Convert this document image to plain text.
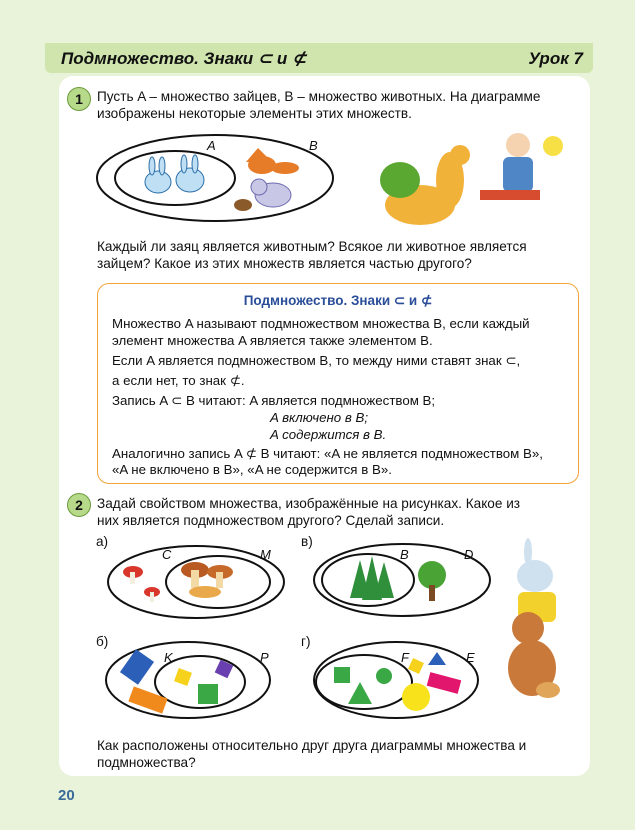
Подмножество. Знаки ⊂ и ⊄	Урок 7
1	Пусть A – множество зайцев, B – множество животных. На диаграмме
изображены некоторые элементы этих множеств.
A	B
Каждый ли заяц является животным? Всякое ли животное является
зайцем? Какое из этих множеств является частью другого?
Подмножество. Знаки ⊂ и ⊄
Множество A называют подмножеством множества B, если каждый
элемент множества A является также элементом B.
Если A является подмножеством B, то между ними ставят знак ⊂,
а если нет, то знак ⊄.
Запись A ⊂ B читают: A является подмножеством B;
A включено в B;
A содержится в B.
Аналогично запись A ⊄ B читают: «A не является подмножеством B»,
«A не включено в B», «A не содержится в B».
2	Задай свойством множества, изображённые на рисунках. Какое из
них является подмножеством другого? Сделай записи.
а)	в)
б)	г)
C	M	B	D
K	P	F	E
Как расположены относительно друг друга диаграммы множества и
подмножества?
20
